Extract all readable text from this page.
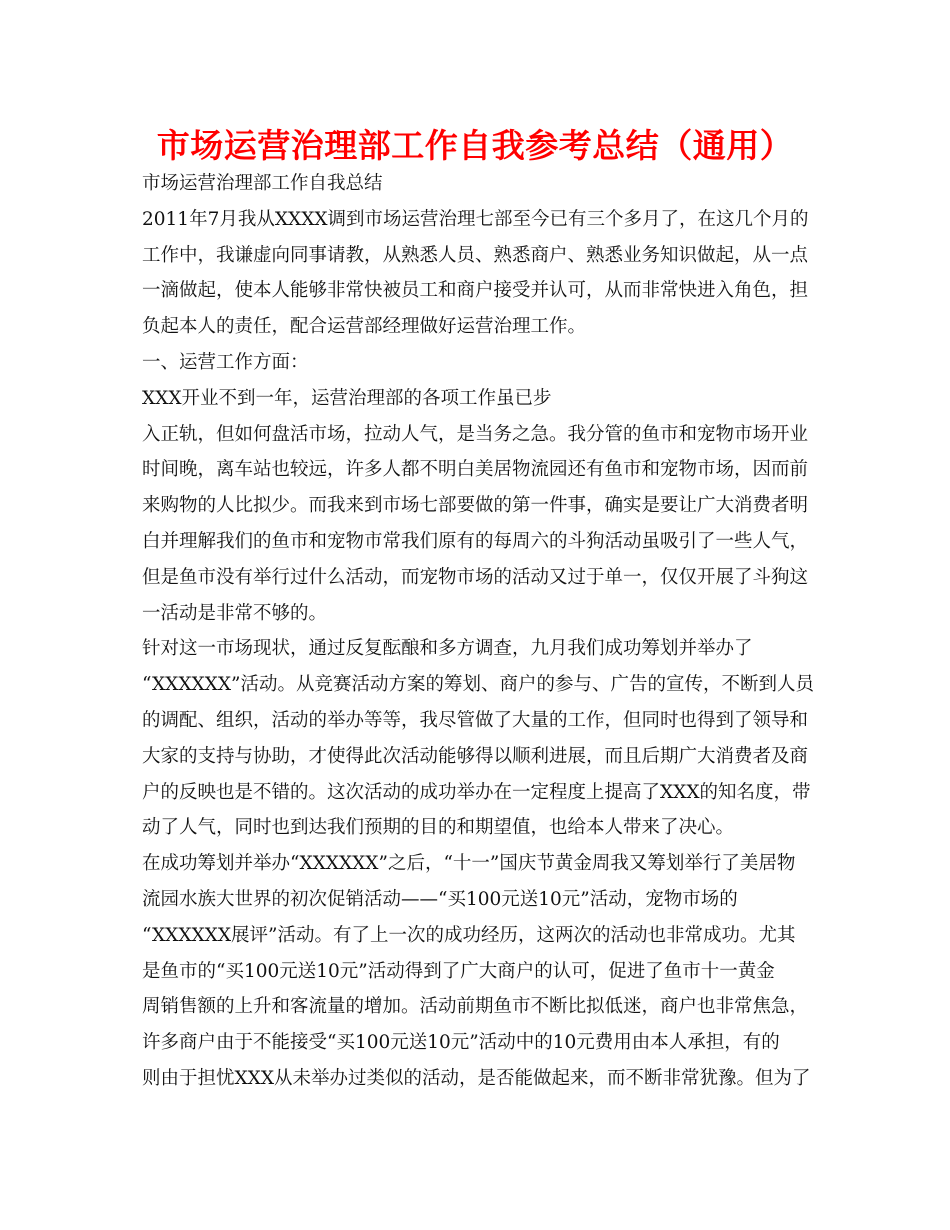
市场运营治理部工作自我参考总结（通用）
市场运营治理部工作自我总结
2011年7月我从XXXX调到市场运营治理七部至今已有三个多月了，在这几个月的
工作中，我谦虚向同事请教，从熟悉人员、熟悉商户、熟悉业务知识做起，从一点
一滴做起，使本人能够非常快被员工和商户接受并认可，从而非常快进入角色，担
负起本人的责任，配合运营部经理做好运营治理工作。
一、运营工作方面：
XXX开业不到一年，运营治理部的各项工作虽已步
入正轨，但如何盘活市场，拉动人气，是当务之急。我分管的鱼市和宠物市场开业
时间晚，离车站也较远，许多人都不明白美居物流园还有鱼市和宠物市场，因而前
来购物的人比拟少。而我来到市场七部要做的第一件事，确实是要让广大消费者明
白并理解我们的鱼市和宠物市常我们原有的每周六的斗狗活动虽吸引了一些人气，
但是鱼市没有举行过什么活动，而宠物市场的活动又过于单一，仅仅开展了斗狗这
一活动是非常不够的。
针对这一市场现状，通过反复酝酿和多方调查，九月我们成功筹划并举办了
“XXXXXX”活动。从竞赛活动方案的筹划、商户的参与、广告的宣传，不断到人员
的调配、组织，活动的举办等等，我尽管做了大量的工作，但同时也得到了领导和
大家的支持与协助，才使得此次活动能够得以顺利进展，而且后期广大消费者及商
户的反映也是不错的。这次活动的成功举办在一定程度上提高了XXX的知名度，带
动了人气，同时也到达我们预期的目的和期望值，也给本人带来了决心。
在成功筹划并举办“XXXXXX”之后，“十一”国庆节黄金周我又筹划举行了美居物
流园水族大世界的初次促销活动——“买100元送10元”活动，宠物市场的
“XXXXXX展评”活动。有了上一次的成功经历，这两次的活动也非常成功。尤其
是鱼市的“买100元送10元”活动得到了广大商户的认可，促进了鱼市十一黄金
周销售额的上升和客流量的增加。活动前期鱼市不断比拟低迷，商户也非常焦急，
许多商户由于不能接受“买100元送10元”活动中的10元费用由本人承担，有的
则由于担忧XXX从未举办过类似的活动，是否能做起来，而不断非常犹豫。但为了
